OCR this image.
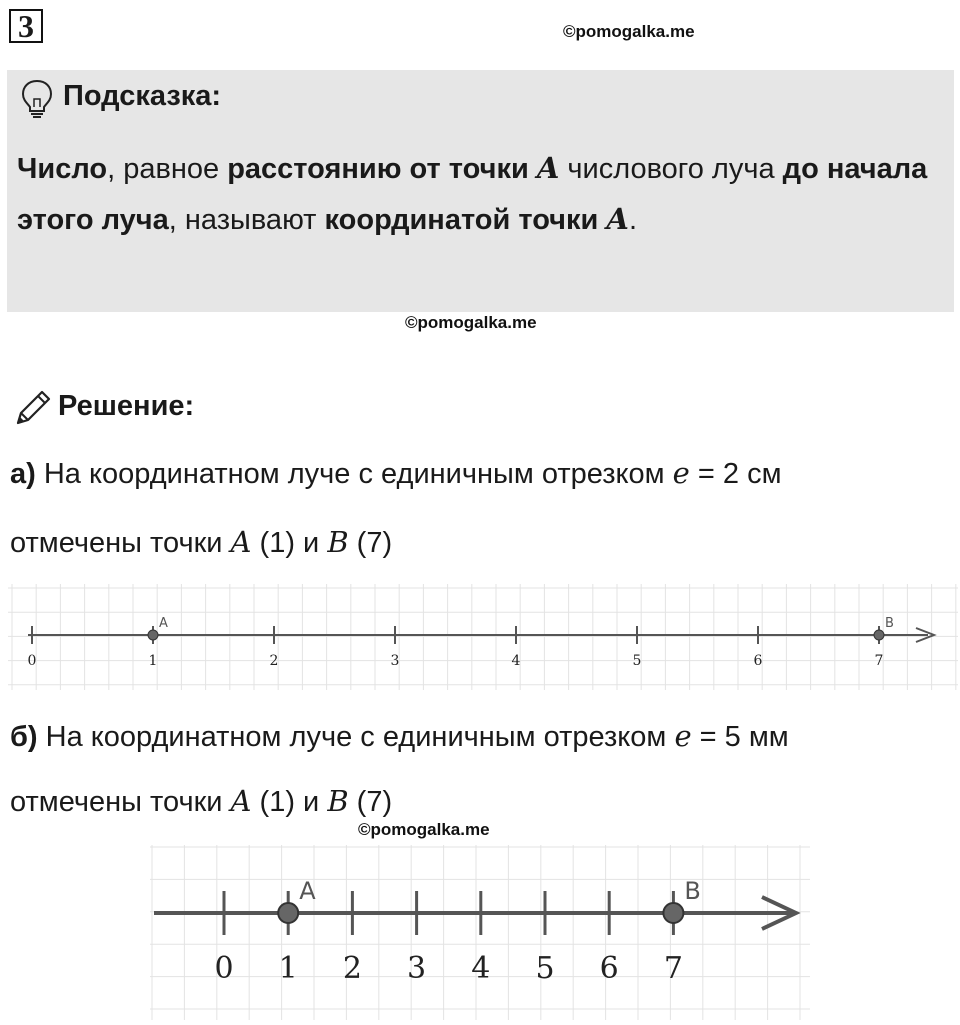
3	©pomogalka.me
Подсказка:
Число, равное расстоянию от точки A числового луча до начала этого луча, называют координатой точки A.
©pomogalka.me
Решение:
а) На координатном луче с единичным отрезком e = 2 см
отмечены точки A (1) и B (7)
0	1	2	3	4	5	6	7
A	B
б) На координатном луче с единичным отрезком e = 5 мм
отмечены точки A (1) и B (7)
©pomogalka.me
0 1 2 3 4 5 6 7
A	B
